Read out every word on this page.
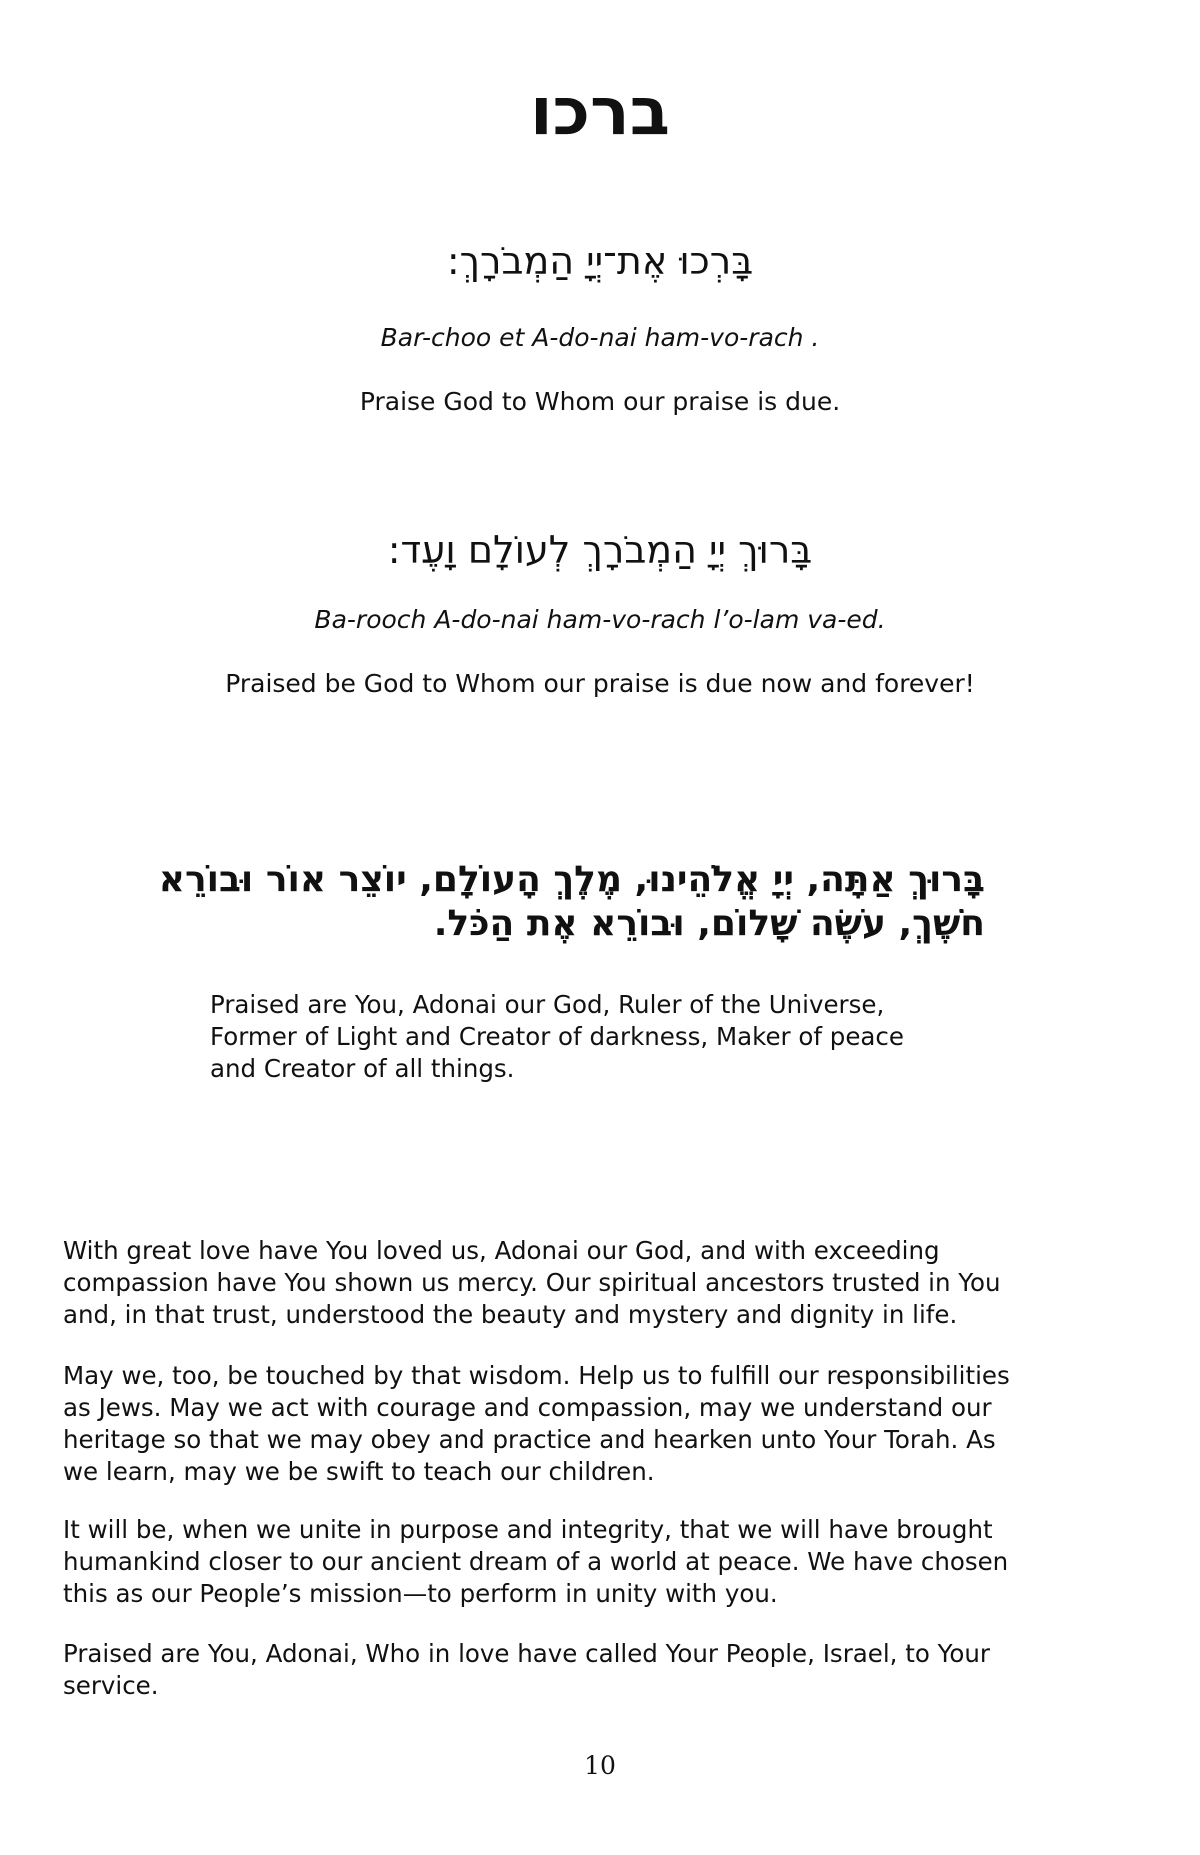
ברכו
בָּרְכוּ אֶת־יְיָ הַמְבֹרָךְ:
Bar-choo et A-do-nai ham-vo-rach .
Praise God to Whom our praise is due.
בָּרוּךְ יְיָ הַמְבֹרָךְ לְעוֹלָם וָעֶד:
Ba-rooch A-do-nai ham-vo-rach l’o-lam va-ed.
Praised be God to Whom our praise is due now and forever!
בָּרוּךְ אַתָּה, יְיָ אֱלֹהֵינוּ, מֶלֶךְ הָעוֹלָם, יוֹצֵר אוֹר וּבוֹרֵא
חֹשֶׁךְ, עֹשֶׂה שָׁלוֹם, וּבוֹרֵא אֶת הַכֹּל.
Praised are You, Adonai our God, Ruler of the Universe,
Former of Light and Creator of darkness, Maker of peace
and Creator of all things.
With great love have You loved us, Adonai our God, and with exceeding
compassion have You shown us mercy. Our spiritual ancestors trusted in You
and, in that trust, understood the beauty and mystery and dignity in life.
May we, too, be touched by that wisdom. Help us to fulfill our responsibilities
as Jews. May we act with courage and compassion, may we understand our
heritage so that we may obey and practice and hearken unto Your Torah. As
we learn, may we be swift to teach our children.
It will be, when we unite in purpose and integrity, that we will have brought
humankind closer to our ancient dream of a world at peace. We have chosen
this as our People’s mission—to perform in unity with you.
Praised are You, Adonai, Who in love have called Your People, Israel, to Your
service.
10
